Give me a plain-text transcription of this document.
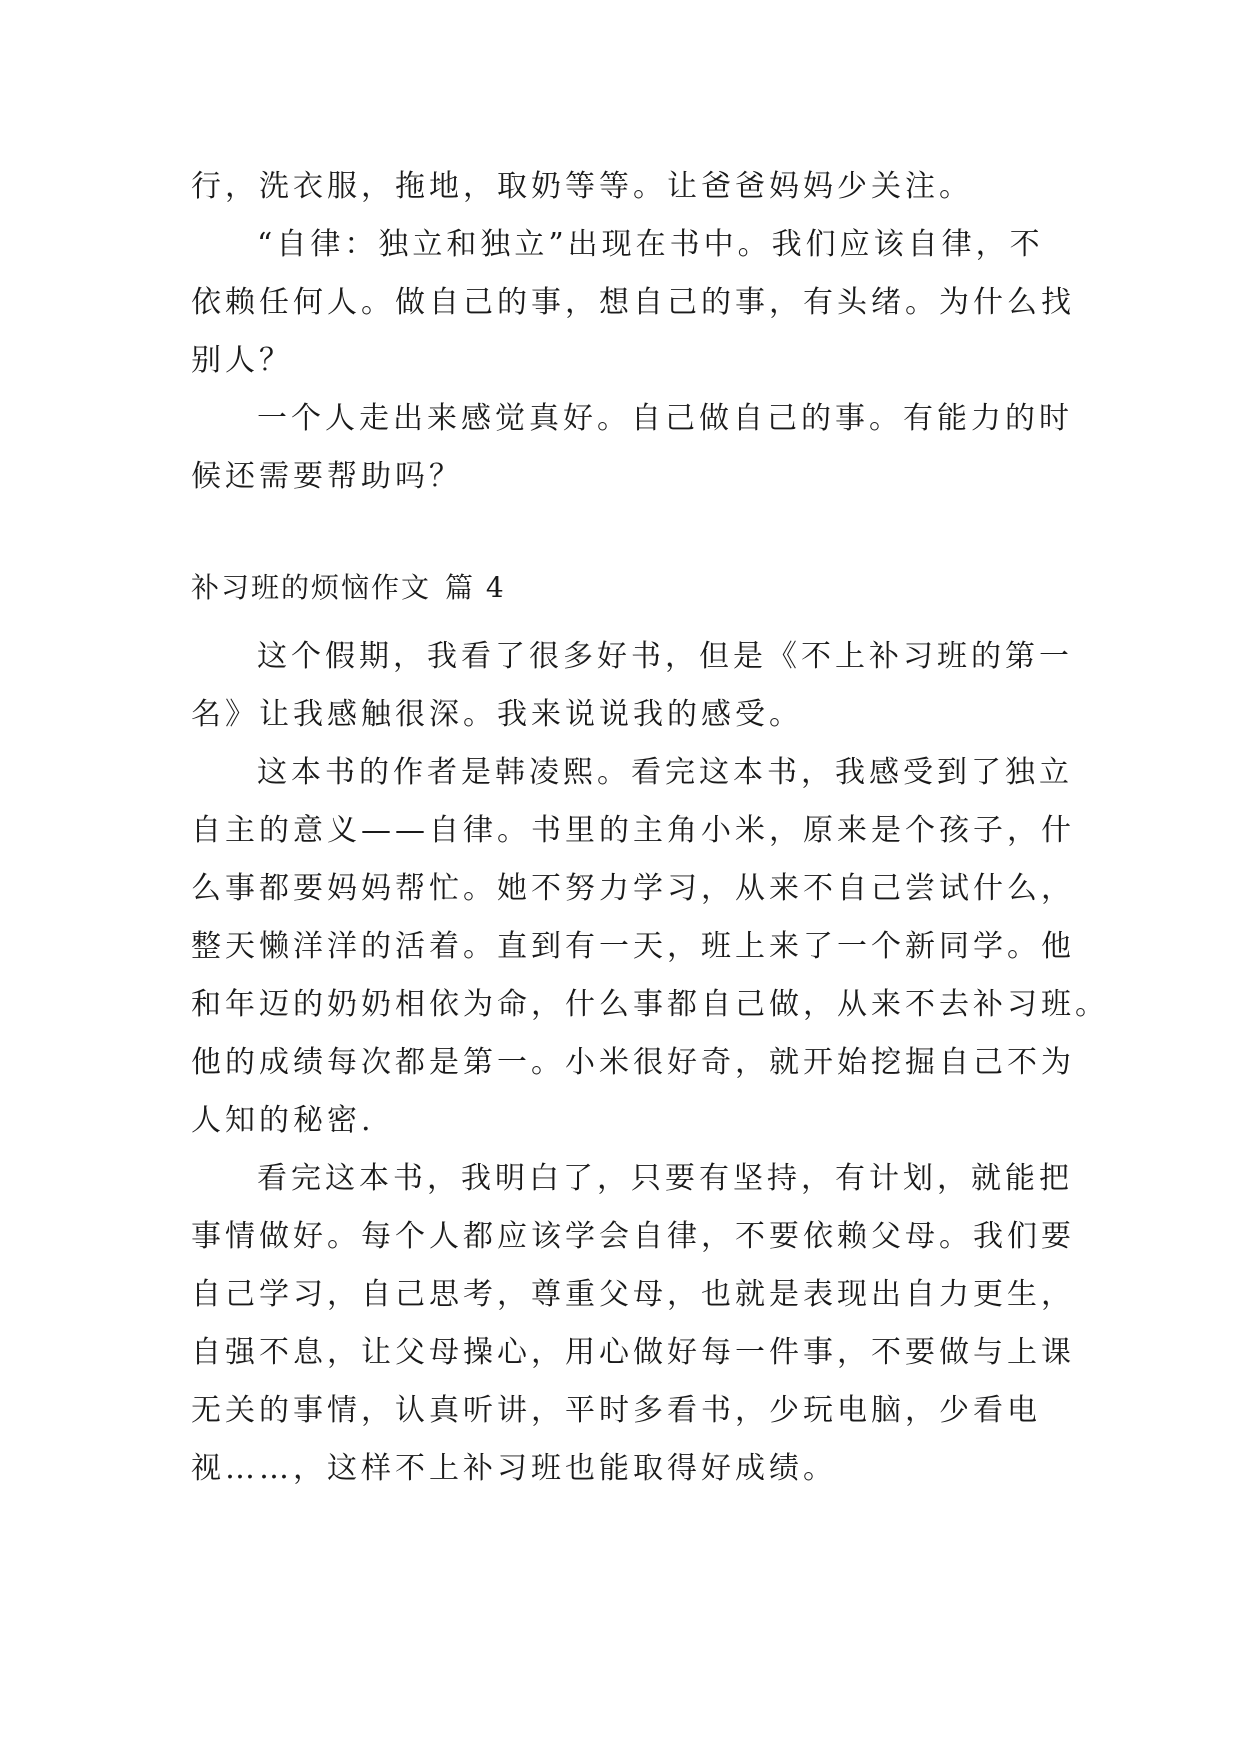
行，洗衣服，拖地，取奶等等。让爸爸妈妈少关注。
“自律：独立和独立”出现在书中。我们应该自律，不
依赖任何人。做自己的事，想自己的事，有头绪。为什么找
别人？
一个人走出来感觉真好。自己做自己的事。有能力的时
候还需要帮助吗？
补习班的烦恼作文 篇 4
这个假期，我看了很多好书，但是《不上补习班的第一
名》让我感触很深。我来说说我的感受。
这本书的作者是韩凌熙。看完这本书，我感受到了独立
自主的意义——自律。书里的主角小米，原来是个孩子，什
么事都要妈妈帮忙。她不努力学习，从来不自己尝试什么，
整天懒洋洋的活着。直到有一天，班上来了一个新同学。他
和年迈的奶奶相依为命，什么事都自己做，从来不去补习班。
他的成绩每次都是第一。小米很好奇，就开始挖掘自己不为
人知的秘密.
看完这本书，我明白了，只要有坚持，有计划，就能把
事情做好。每个人都应该学会自律，不要依赖父母。我们要
自己学习，自己思考，尊重父母，也就是表现出自力更生，
自强不息，让父母操心，用心做好每一件事，不要做与上课
无关的事情，认真听讲，平时多看书，少玩电脑，少看电
视……，这样不上补习班也能取得好成绩。
